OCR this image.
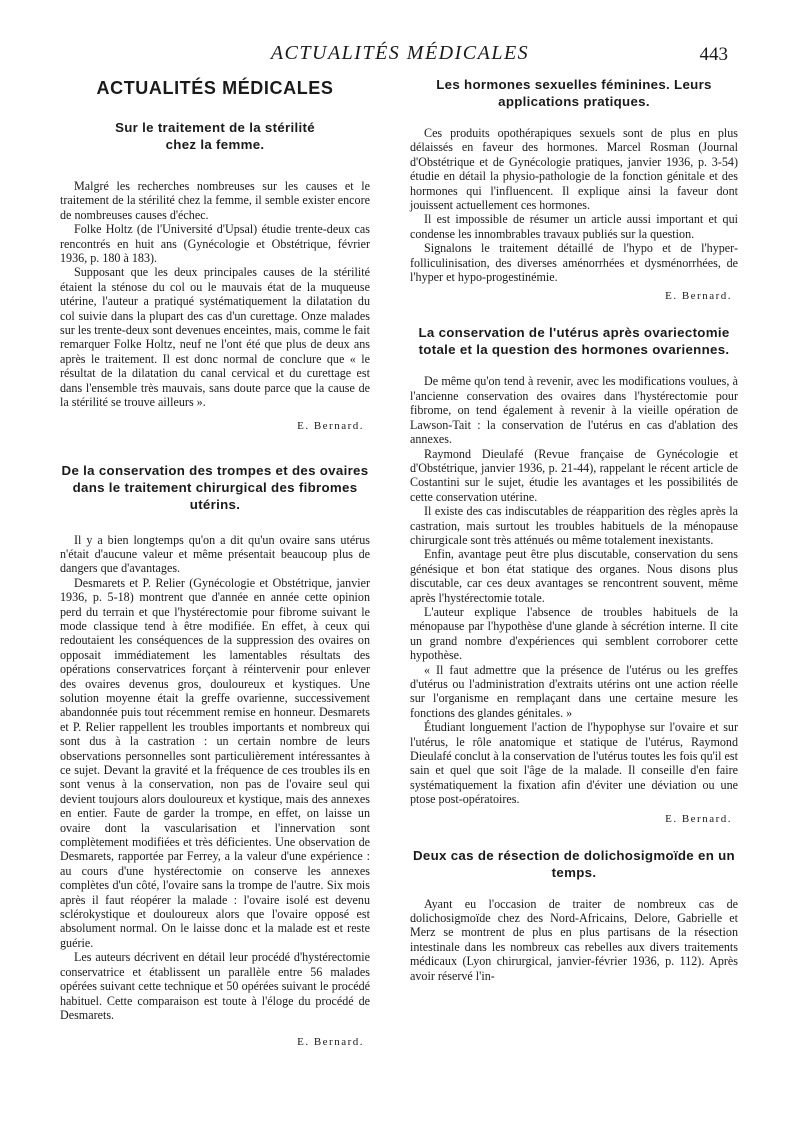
ACTUALITÉS MÉDICALES	443
ACTUALITÉS MÉDICALES

Sur le traitement de la stérilité chez la femme.

Malgré les recherches nombreuses sur les causes et le traitement de la stérilité chez la femme, il semble exister encore de nombreuses causes d'échec.

Folke Holtz (de l'Université d'Upsal) étudie trente-deux cas rencontrés en huit ans (Gynécologie et Obstétrique, février 1936, p. 180 à 183).

Supposant que les deux principales causes de la stérilité étaient la sténose du col ou le mauvais état de la muqueuse utérine, l'auteur a pratiqué systématiquement la dilatation du col suivie dans la plupart des cas d'un curettage. Onze malades sur les trente-deux sont devenues enceintes, mais, comme le fait remarquer Folke Holtz, neuf ne l'ont été que plus de deux ans après le traitement. Il est donc normal de conclure que « le résultat de la dilatation du canal cervical et du curettage est dans l'ensemble très mauvais, sans doute parce que la cause de la stérilité se trouve ailleurs ».

E. Bernard.

De la conservation des trompes et des ovaires dans le traitement chirurgical des fibromes utérins.

Il y a bien longtemps qu'on a dit qu'un ovaire sans utérus n'était d'aucune valeur et même présentait beaucoup plus de dangers que d'avantages.

Desmarets et P. Relier (Gynécologie et Obstétrique, janvier 1936, p. 5-18) montrent que d'année en année cette opinion perd du terrain et que l'hystérectomie pour fibrome suivant le mode classique tend à être modifiée. En effet, à ceux qui redoutaient les conséquences de la suppression des ovaires on opposait immédiatement les lamentables résultats des opérations conservatrices forçant à réintervenir pour enlever des ovaires devenus gros, douloureux et kystiques. Une solution moyenne était la greffe ovarienne, successivement abandonnée puis tout récemment remise en honneur. Desmarets et P. Relier rappellent les troubles importants et nombreux qui sont dus à la castration : un certain nombre de leurs observations personnelles sont particulièrement intéressantes à ce sujet. Devant la gravité et la fréquence de ces troubles ils en sont venus à la conservation, non pas de l'ovaire seul qui devient toujours alors douloureux et kystique, mais des annexes en entier. Faute de garder la trompe, en effet, on laisse un ovaire dont la vascularisation et l'innervation sont complètement modifiées et très déficientes. Une observation de Desmarets, rapportée par Ferrey, a la valeur d'une expérience : au cours d'une hystérectomie on conserve les annexes complètes d'un côté, l'ovaire sans la trompe de l'autre. Six mois après il faut réopérer la malade : l'ovaire isolé est devenu sclérokystique et douloureux alors que l'ovaire opposé est absolument normal. On le laisse donc et la malade est et reste guérie.

Les auteurs décrivent en détail leur procédé d'hystérectomie conservatrice et établissent un parallèle entre 56 malades opérées suivant cette technique et 50 opérées suivant le procédé habituel. Cette comparaison est toute à l'éloge du procédé de Desmarets.

E. Bernard.

Les hormones sexuelles féminines. Leurs applications pratiques.

Ces produits opothérapiques sexuels sont de plus en plus délaissés en faveur des hormones. Marcel Rosman (Journal d'Obstétrique et de Gynécologie pratiques, janvier 1936, p. 3-54) étudie en détail la physio-pathologie de la fonction génitale et des hormones qui l'influencent. Il explique ainsi la faveur dont jouissent actuellement ces hormones.

Il est impossible de résumer un article aussi important et qui condense les innombrables travaux publiés sur la question.

Signalons le traitement détaillé de l'hypo et de l'hyper-folliculinisation, des diverses aménorrhées et dysménorrhées, de l'hyper et hypo-progestinémie.

E. Bernard.

La conservation de l'utérus après ovariectomie totale et la question des hormones ovariennes.

De même qu'on tend à revenir, avec les modifications voulues, à l'ancienne conservation des ovaires dans l'hystérectomie pour fibrome, on tend également à revenir à la vieille opération de Lawson-Tait : la conservation de l'utérus en cas d'ablation des annexes.

Raymond Dieulafé (Revue française de Gynécologie et d'Obstétrique, janvier 1936, p. 21-44), rappelant le récent article de Costantini sur le sujet, étudie les avantages et les possibilités de cette conservation utérine.

Il existe des cas indiscutables de réapparition des règles après la castration, mais surtout les troubles habituels de la ménopause chirurgicale sont très atténués ou même totalement inexistants.

Enfin, avantage peut être plus discutable, conservation du sens génésique et bon état statique des organes. Nous disons plus discutable, car ces deux avantages se rencontrent souvent, même après l'hystérectomie totale.

L'auteur explique l'absence de troubles habituels de la ménopause par l'hypothèse d'une glande à sécrétion interne. Il cite un grand nombre d'expériences qui semblent corroborer cette hypothèse.

« Il faut admettre que la présence de l'utérus ou les greffes d'utérus ou l'administration d'extraits utérins ont une action réelle sur l'organisme en remplaçant dans une certaine mesure les fonctions des glandes génitales. »

Étudiant longuement l'action de l'hypophyse sur l'ovaire et sur l'utérus, le rôle anatomique et statique de l'utérus, Raymond Dieulafé conclut à la conservation de l'utérus toutes les fois qu'il est sain et quel que soit l'âge de la malade. Il conseille d'en faire systématiquement la fixation afin d'éviter une déviation ou une ptose post-opératoires.

E. Bernard.

Deux cas de résection de dolichosigmoïde en un temps.

Ayant eu l'occasion de traiter de nombreux cas de dolichosigmoïde chez des Nord-Africains, Delore, Gabrielle et Merz se montrent de plus en plus partisans de la résection intestinale dans les nombreux cas rebelles aux divers traitements médicaux (Lyon chirurgical, janvier-février 1936, p. 112). Après avoir réservé l'in-
